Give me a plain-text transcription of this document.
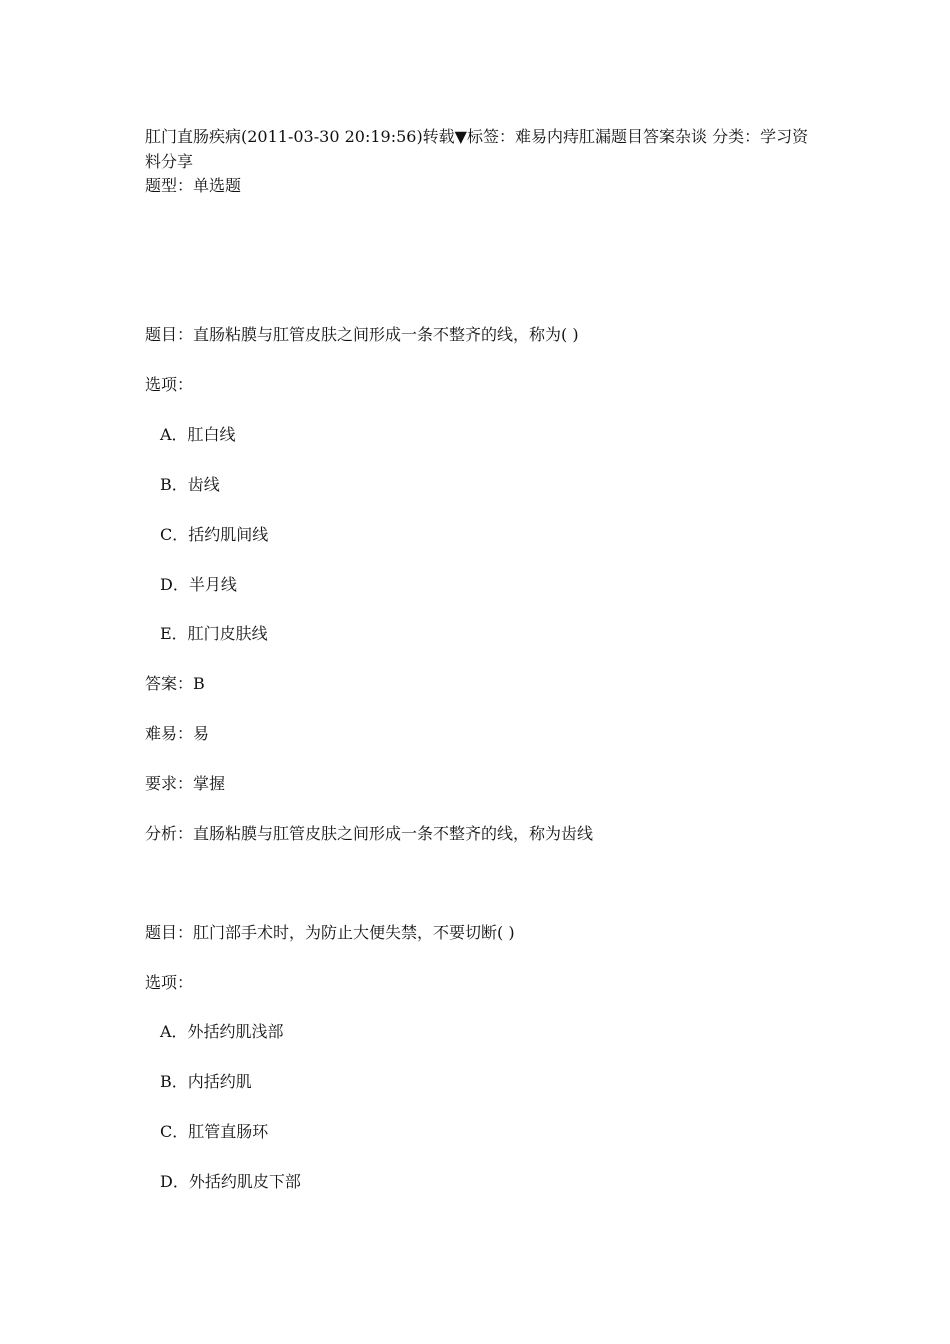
肛门直肠疾病(2011-03-30 20:19:56)转载▼标签：难易内痔肛漏题目答案杂谈 分类：学习资料分享
题型：单选题
题目：直肠粘膜与肛管皮肤之间形成一条不整齐的线，称为( )
选项：
A．肛白线
B．齿线
C．括约肌间线
D．半月线
E．肛门皮肤线
答案：B
难易：易
要求：掌握
分析：直肠粘膜与肛管皮肤之间形成一条不整齐的线，称为齿线
题目：肛门部手术时，为防止大便失禁，不要切断( )
选项：
A．外括约肌浅部
B．内括约肌
C．肛管直肠环
D．外括约肌皮下部
